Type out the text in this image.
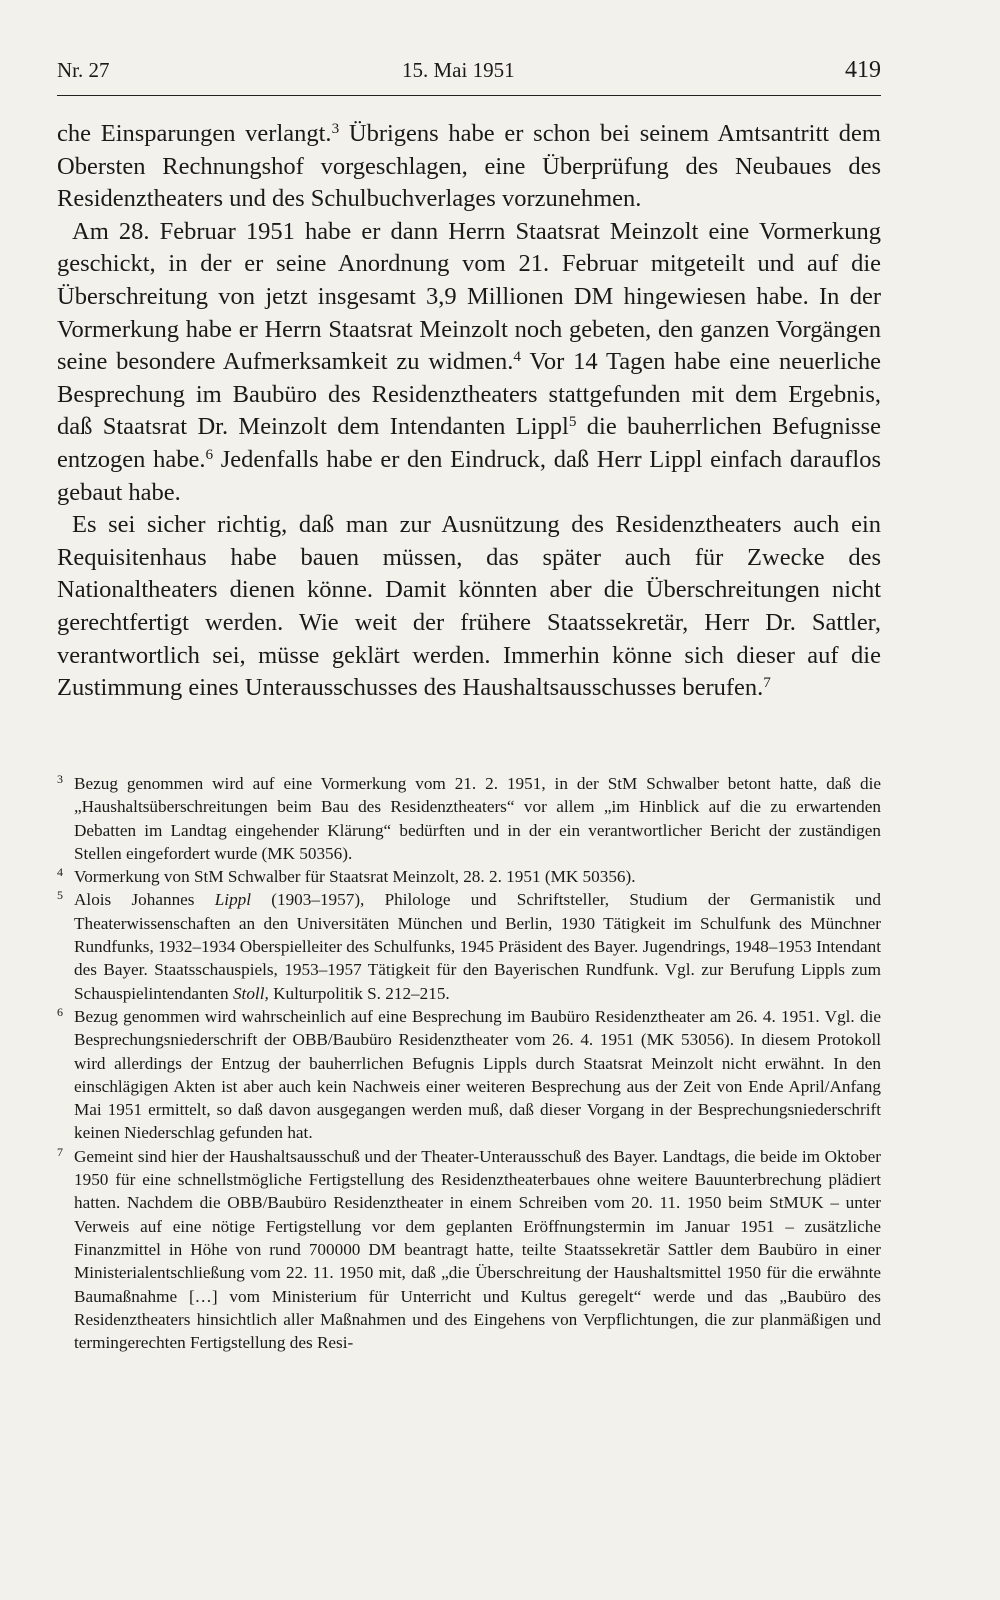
Nr. 27	15. Mai 1951	419

che Einsparungen verlangt.$^3$ Übrigens habe er schon bei seinem Amtsantritt dem Obersten Rechnungshof vorgeschlagen, eine Überprüfung des Neubaues des Residenztheaters und des Schulbuchverlages vorzunehmen.

Am 28. Februar 1951 habe er dann Herrn Staatsrat Meinzolt eine Vormerkung geschickt, in der er seine Anordnung vom 21. Februar mitgeteilt und auf die Überschreitung von jetzt insgesamt 3,9 Millionen DM hingewiesen habe. In der Vormerkung habe er Herrn Staatsrat Meinzolt noch gebeten, den ganzen Vorgängen seine besondere Aufmerksamkeit zu widmen.$^4$ Vor 14 Tagen habe eine neuerliche Besprechung im Baubüro des Residenztheaters stattgefunden mit dem Ergebnis, daß Staatsrat Dr. Meinzolt dem Intendanten Lippl$^5$ die bauherrlichen Befugnisse entzogen habe.$^6$ Jedenfalls habe er den Eindruck, daß Herr Lippl einfach darauflos gebaut habe.

Es sei sicher richtig, daß man zur Ausnützung des Residenztheaters auch ein Requisitenhaus habe bauen müssen, das später auch für Zwecke des Nationaltheaters dienen könne. Damit könnten aber die Überschreitungen nicht gerechtfertigt werden. Wie weit der frühere Staatssekretär, Herr Dr. Sattler, verantwortlich sei, müsse geklärt werden. Immerhin könne sich dieser auf die Zustimmung eines Unterausschusses des Haushaltsausschusses berufen.$^7$

3 Bezug genommen wird auf eine Vormerkung vom 21. 2. 1951, in der StM Schwalber betont hatte, daß die „Haushaltsüberschreitungen beim Bau des Residenztheaters“ vor allem „im Hinblick auf die zu erwartenden Debatten im Landtag eingehender Klärung“ bedürften und in der ein verantwortlicher Bericht der zuständigen Stellen eingefordert wurde (MK 50356).

4 Vormerkung von StM Schwalber für Staatsrat Meinzolt, 28. 2. 1951 (MK 50356).

5 Alois Johannes Lippl (1903–1957), Philologe und Schriftsteller, Studium der Germanistik und Theaterwissenschaften an den Universitäten München und Berlin, 1930 Tätigkeit im Schulfunk des Münchner Rundfunks, 1932–1934 Oberspielleiter des Schulfunks, 1945 Präsident des Bayer. Jugendrings, 1948–1953 Intendant des Bayer. Staatsschauspiels, 1953–1957 Tätigkeit für den Bayerischen Rundfunk. Vgl. zur Berufung Lippls zum Schauspielintendanten Stoll, Kulturpolitik S. 212–215.

6 Bezug genommen wird wahrscheinlich auf eine Besprechung im Baubüro Residenztheater am 26. 4. 1951. Vgl. die Besprechungsniederschrift der OBB/Baubüro Residenztheater vom 26. 4. 1951 (MK 53056). In diesem Protokoll wird allerdings der Entzug der bauherrlichen Befugnis Lippls durch Staatsrat Meinzolt nicht erwähnt. In den einschlägigen Akten ist aber auch kein Nachweis einer weiteren Besprechung aus der Zeit von Ende April/Anfang Mai 1951 ermittelt, so daß davon ausgegangen werden muß, daß dieser Vorgang in der Besprechungsniederschrift keinen Niederschlag gefunden hat.

7 Gemeint sind hier der Haushaltsausschuß und der Theater-Unterausschuß des Bayer. Landtags, die beide im Oktober 1950 für eine schnellstmögliche Fertigstellung des Residenztheaterbaues ohne weitere Bauunterbrechung plädiert hatten. Nachdem die OBB/Baubüro Residenztheater in einem Schreiben vom 20. 11. 1950 beim StMUK – unter Verweis auf eine nötige Fertigstellung vor dem geplanten Eröffnungstermin im Januar 1951 – zusätzliche Finanzmittel in Höhe von rund 700000 DM beantragt hatte, teilte Staatssekretär Sattler dem Baubüro in einer Ministerialentschließung vom 22. 11. 1950 mit, daß „die Überschreitung der Haushaltsmittel 1950 für die erwähnte Baumaßnahme […] vom Ministerium für Unterricht und Kultus geregelt“ werde und das „Baubüro des Residenztheaters hinsichtlich aller Maßnahmen und des Eingehens von Verpflichtungen, die zur planmäßigen und termingerechten Fertigstellung des Resi-
